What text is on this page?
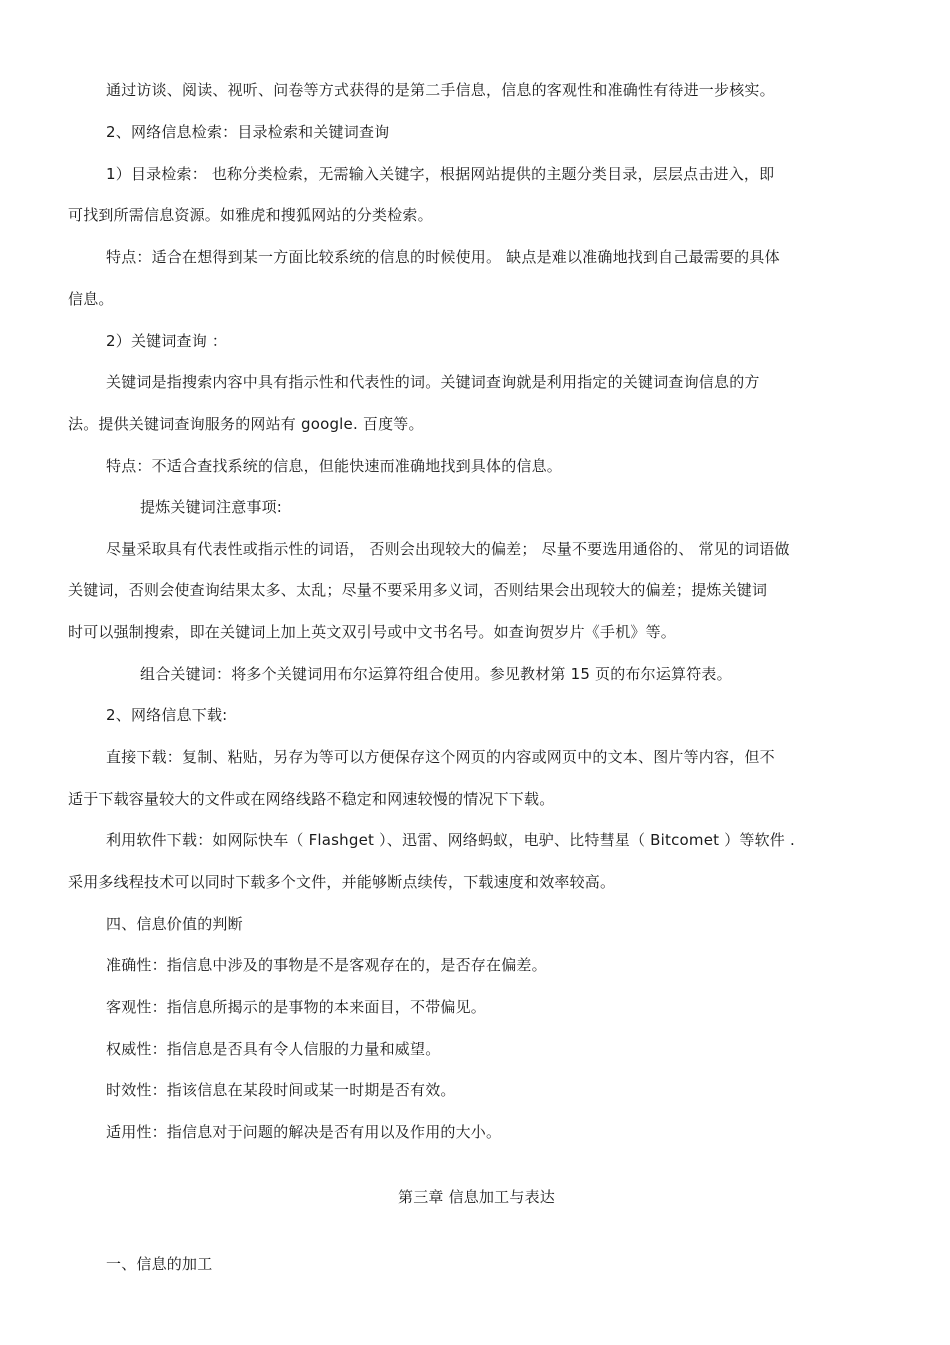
通过访谈、阅读、视听、问卷等方式获得的是第二手信息，信息的客观性和准确性有待进一步核实。
2、网络信息检索：目录检索和关键词查询
1）目录检索： 也称分类检索，无需输入关键字，根据网站提供的主题分类目录，层层点击进入，即
可找到所需信息资源。如雅虎和搜狐网站的分类检索。
特点：适合在想得到某一方面比较系统的信息的时候使用。 缺点是难以准确地找到自己最需要的具体
信息。
2）关键词查询 ：
关键词是指搜索内容中具有指示性和代表性的词。关键词查询就是利用指定的关键词查询信息的方
法。提供关键词查询服务的网站有 google. 百度等。
特点：不适合查找系统的信息，但能快速而准确地找到具体的信息。
提炼关键词注意事项:
尽量采取具有代表性或指示性的词语， 否则会出现较大的偏差； 尽量不要选用通俗的、 常见的词语做
关键词，否则会使查询结果太多、太乱；尽量不要采用多义词，否则结果会出现较大的偏差；提炼关键词
时可以强制搜索，即在关键词上加上英文双引号或中文书名号。如查询贺岁片《手机》等。
组合关键词：将多个关键词用布尔运算符组合使用。参见教材第 15 页的布尔运算符表。
2、网络信息下载:
直接下载：复制、粘贴，另存为等可以方便保存这个网页的内容或网页中的文本、图片等内容，但不
适于下载容量较大的文件或在网络线路不稳定和网速较慢的情况下下载。
利用软件下载：如网际快车（ Flashget ）、迅雷、网络蚂蚁，电驴、比特彗星（ Bitcomet ）等软件 .
采用多线程技术可以同时下载多个文件，并能够断点续传，下载速度和效率较高。
四、信息价值的判断
准确性：指信息中涉及的事物是不是客观存在的，是否存在偏差。
客观性：指信息所揭示的是事物的本来面目，不带偏见。
权威性：指信息是否具有令人信服的力量和威望。
时效性：指该信息在某段时间或某一时期是否有效。
适用性：指信息对于问题的解决是否有用以及作用的大小。
第三章 信息加工与表达
一、信息的加工
